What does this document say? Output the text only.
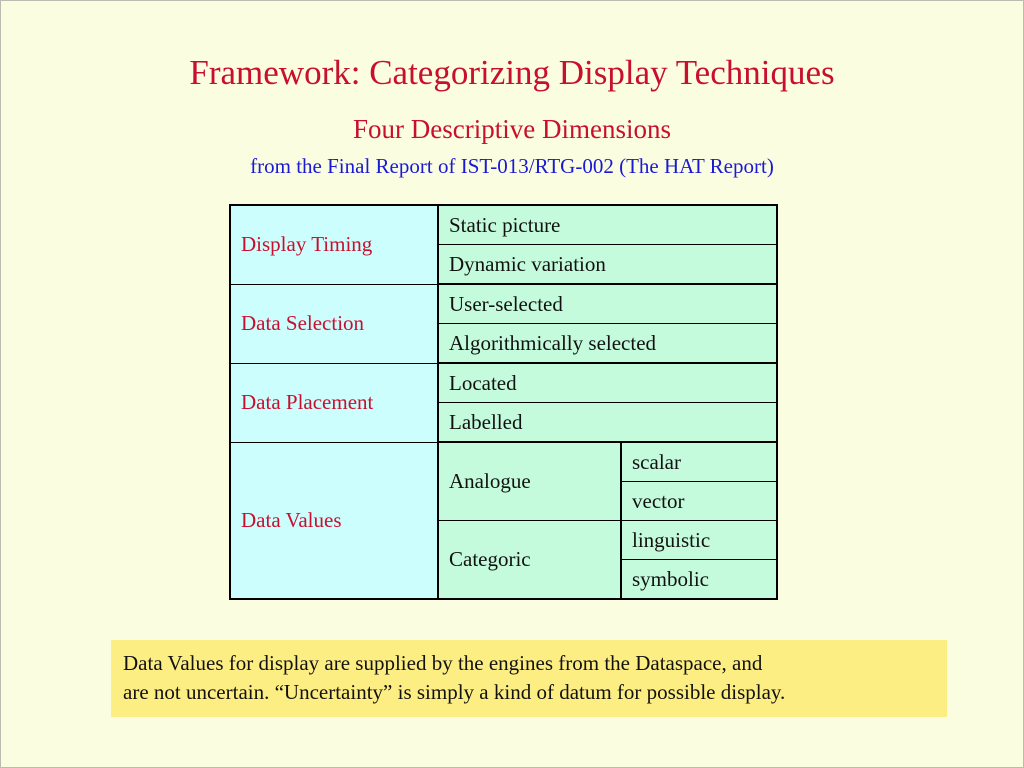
Framework: Categorizing Display Techniques
Four Descriptive Dimensions
from the Final Report of IST-013/RTG-002 (The HAT Report)
Display Timing	Static picture	
	Dynamic variation	
Data Selection	User-selected	
	Algorithmically selected	
Data Placement	Located	
	Labelled	
Data Values	Analogue	scalar
		vector
	Categoric	linguistic
		symbolic
Data Values for display are supplied by the engines from the Dataspace, and
are not uncertain. “Uncertainty” is simply a kind of datum for possible display.
